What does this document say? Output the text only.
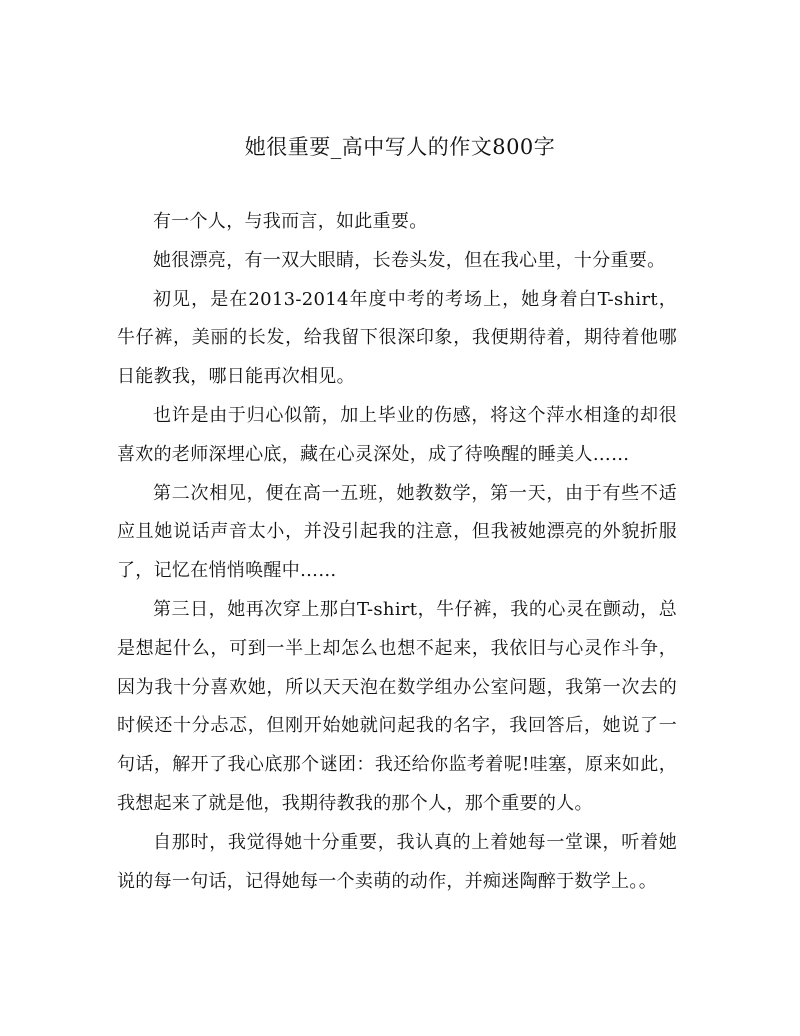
她很重要_高中写人的作文800字

有一个人，与我而言，如此重要。

她很漂亮，有一双大眼睛，长卷头发，但在我心里，十分重要。

初见，是在2013-2014年度中考的考场上，她身着白T-shirt，牛仔裤，美丽的长发，给我留下很深印象，我便期待着，期待着他哪日能教我，哪日能再次相见。

也许是由于归心似箭，加上毕业的伤感，将这个萍水相逢的却很喜欢的老师深埋心底，藏在心灵深处，成了待唤醒的睡美人……

第二次相见，便在高一五班，她教数学，第一天，由于有些不适应且她说话声音太小，并没引起我的注意，但我被她漂亮的外貌折服了，记忆在悄悄唤醒中……

第三日，她再次穿上那白T-shirt，牛仔裤，我的心灵在颤动，总是想起什么，可到一半上却怎么也想不起来，我依旧与心灵作斗争，因为我十分喜欢她，所以天天泡在数学组办公室问题，我第一次去的时候还十分忐忑，但刚开始她就问起我的名字，我回答后，她说了一句话，解开了我心底那个谜团：我还给你监考着呢!哇塞，原来如此，我想起来了就是他，我期待教我的那个人，那个重要的人。

自那时，我觉得她十分重要，我认真的上着她每一堂课，听着她说的每一句话，记得她每一个卖萌的动作，并痴迷陶醉于数学上。。
